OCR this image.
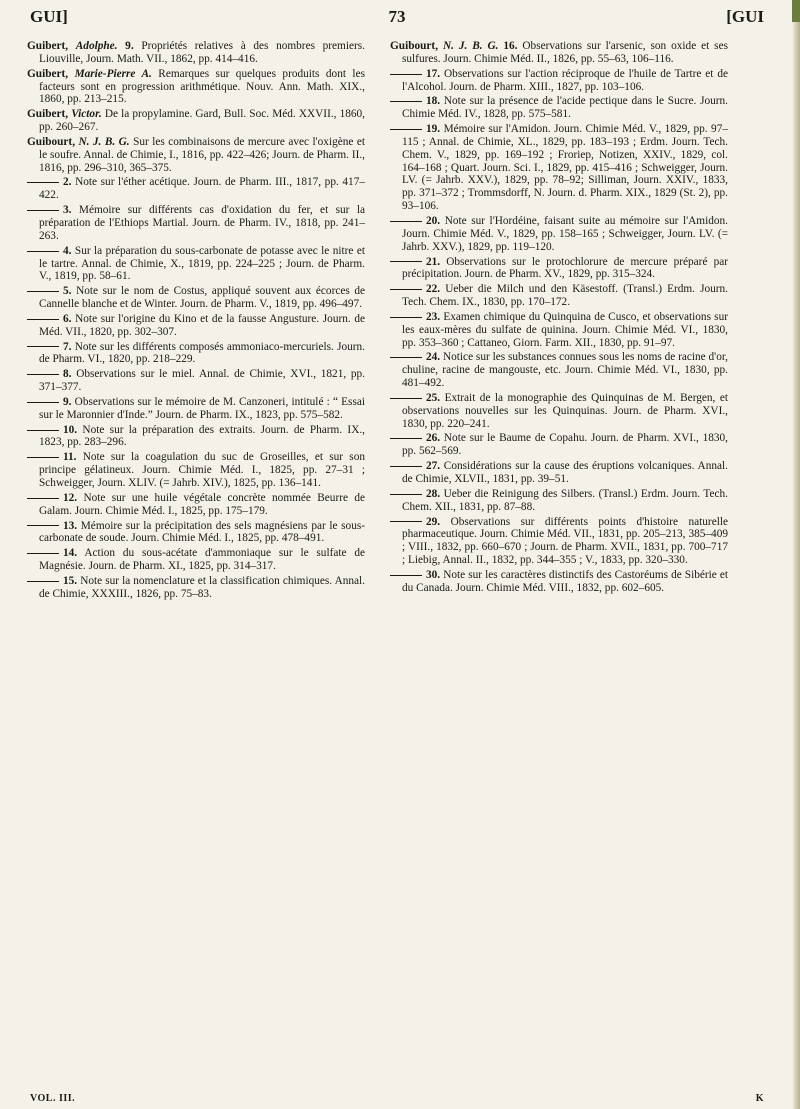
GUI]	73	[GUI

Guibert, Adolphe. 9. Propriétés relatives à des nombres premiers. Liouville, Journ. Math. VII., 1862, pp. 414–416.

Guibert, Marie-Pierre A. Remarques sur quelques produits dont les facteurs sont en progression arithmétique. Nouv. Ann. Math. XIX., 1860, pp. 213–215.

Guibert, Victor. De la propylamine. Gard, Bull. Soc. Méd. XXVII., 1860, pp. 260–267.

Guibourt, N. J. B. G. Sur les combinaisons de mercure avec l'oxigène et le soufre. Annal. de Chimie, I., 1816, pp. 422–426; Journ. de Pharm. II., 1816, pp. 296–310, 365–375.

2. Note sur l'éther acétique. Journ. de Pharm. III., 1817, pp. 417–422.

3. Mémoire sur différents cas d'oxidation du fer, et sur la préparation de l'Ethiops Martial. Journ. de Pharm. IV., 1818, pp. 241–263.

4. Sur la préparation du sous-carbonate de potasse avec le nitre et le tartre. Annal. de Chimie, X., 1819, pp. 224–225 ; Journ. de Pharm. V., 1819, pp. 58–61.

5. Note sur le nom de Costus, appliqué souvent aux écorces de Cannelle blanche et de Winter. Journ. de Pharm. V., 1819, pp. 496–497.

6. Note sur l'origine du Kino et de la fausse Angusture. Journ. de Méd. VII., 1820, pp. 302–307.

7. Note sur les différents composés ammoniaco-mercuriels. Journ. de Pharm. VI., 1820, pp. 218–229.

8. Observations sur le miel. Annal. de Chimie, XVI., 1821, pp. 371–377.

9. Observations sur le mémoire de M. Canzoneri, intitulé : “ Essai sur le Maronnier d'Inde.” Journ. de Pharm. IX., 1823, pp. 575–582.

10. Note sur la préparation des extraits. Journ. de Pharm. IX., 1823, pp. 283–296.

11. Note sur la coagulation du suc de Groseilles, et sur son principe gélatineux. Journ. Chimie Méd. I., 1825, pp. 27–31 ; Schweigger, Journ. XLIV. (= Jahrb. XIV.), 1825, pp. 136–141.

12. Note sur une huile végétale concrète nommée Beurre de Galam. Journ. Chimie Méd. I., 1825, pp. 175–179.

13. Mémoire sur la précipitation des sels magnésiens par le sous-carbonate de soude. Journ. Chimie Méd. I., 1825, pp. 478–491.

14. Action du sous-acétate d'ammoniaque sur le sulfate de Magnésie. Journ. de Pharm. XI., 1825, pp. 314–317.

15. Note sur la nomenclature et la classification chimiques. Annal. de Chimie, XXXIII., 1826, pp. 75–83.

Guibourt, N. J. B. G. 16. Observations sur l'arsenic, son oxide et ses sulfures. Journ. Chimie Méd. II., 1826, pp. 55–63, 106–116.

17. Observations sur l'action réciproque de l'huile de Tartre et de l'Alcohol. Journ. de Pharm. XIII., 1827, pp. 103–106.

18. Note sur la présence de l'acide pectique dans le Sucre. Journ. Chimie Méd. IV., 1828, pp. 575–581.

19. Mémoire sur l'Amidon. Journ. Chimie Méd. V., 1829, pp. 97–115 ; Annal. de Chimie, XL., 1829, pp. 183–193 ; Erdm. Journ. Tech. Chem. V., 1829, pp. 169–192 ; Froriep, Notizen, XXIV., 1829, col. 164–168 ; Quart. Journ. Sci. I., 1829, pp. 415–416 ; Schweigger, Journ. LV. (= Jahrb. XXV.), 1829, pp. 78–92; Silliman, Journ. XXIV., 1833, pp. 371–372 ; Trommsdorff, N. Journ. d. Pharm. XIX., 1829 (St. 2), pp. 93–106.

20. Note sur l'Hordéine, faisant suite au mémoire sur l'Amidon. Journ. Chimie Méd. V., 1829, pp. 158–165 ; Schweigger, Journ. LV. (= Jahrb. XXV.), 1829, pp. 119–120.

21. Observations sur le protochlorure de mercure préparé par précipitation. Journ. de Pharm. XV., 1829, pp. 315–324.

22. Ueber die Milch und den Käsestoff. (Transl.) Erdm. Journ. Tech. Chem. IX., 1830, pp. 170–172.

23. Examen chimique du Quinquina de Cusco, et observations sur les eaux-mères du sulfate de quinina. Journ. Chimie Méd. VI., 1830, pp. 353–360 ; Cattaneo, Giorn. Farm. XII., 1830, pp. 91–97.

24. Notice sur les substances connues sous les noms de racine d'or, chuline, racine de mangouste, etc. Journ. Chimie Méd. VI., 1830, pp. 481–492.

25. Extrait de la monographie des Quinquinas de M. Bergen, et observations nouvelles sur les Quinquinas. Journ. de Pharm. XVI., 1830, pp. 220–241.

26. Note sur le Baume de Copahu. Journ. de Pharm. XVI., 1830, pp. 562–569.

27. Considérations sur la cause des éruptions volcaniques. Annal. de Chimie, XLVII., 1831, pp. 39–51.

28. Ueber die Reinigung des Silbers. (Transl.) Erdm. Journ. Tech. Chem. XII., 1831, pp. 87–88.

29. Observations sur différents points d'histoire naturelle pharmaceutique. Journ. Chimie Méd. VII., 1831, pp. 205–213, 385–409 ; VIII., 1832, pp. 660–670 ; Journ. de Pharm. XVII., 1831, pp. 700–717 ; Liebig, Annal. II., 1832, pp. 344–355 ; V., 1833, pp. 320–330.

30. Note sur les caractères distinctifs des Castoréums de Sibérie et du Canada. Journ. Chimie Méd. VIII., 1832, pp. 602–605.

VOL. III.	K
